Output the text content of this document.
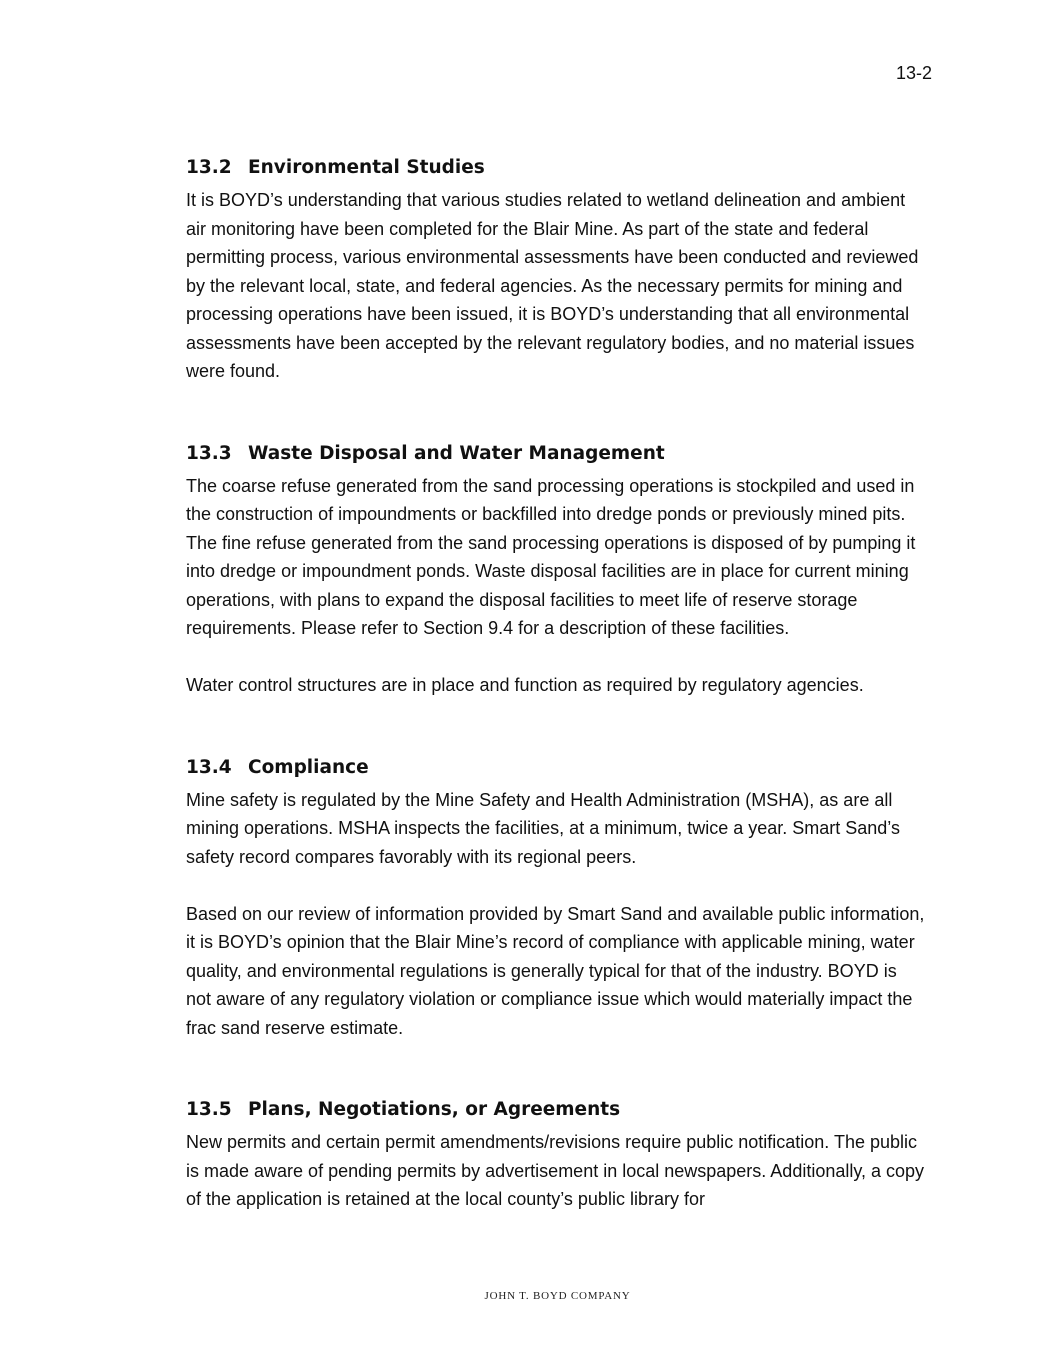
13-2
13.2 Environmental Studies

It is BOYD’s understanding that various studies related to wetland delineation and ambient air monitoring have been completed for the Blair Mine. As part of the state and federal permitting process, various environmental assessments have been conducted and reviewed by the relevant local, state, and federal agencies. As the necessary permits for mining and processing operations have been issued, it is BOYD’s understanding that all environmental assessments have been accepted by the relevant regulatory bodies, and no material issues were found.

13.3 Waste Disposal and Water Management

The coarse refuse generated from the sand processing operations is stockpiled and used in the construction of impoundments or backfilled into dredge ponds or previously mined pits. The fine refuse generated from the sand processing operations is disposed of by pumping it into dredge or impoundment ponds. Waste disposal facilities are in place for current mining operations, with plans to expand the disposal facilities to meet life of reserve storage requirements. Please refer to Section 9.4 for a description of these facilities.

Water control structures are in place and function as required by regulatory agencies.

13.4 Compliance

Mine safety is regulated by the Mine Safety and Health Administration (MSHA), as are all mining operations. MSHA inspects the facilities, at a minimum, twice a year. Smart Sand’s safety record compares favorably with its regional peers.

Based on our review of information provided by Smart Sand and available public information, it is BOYD’s opinion that the Blair Mine’s record of compliance with applicable mining, water quality, and environmental regulations is generally typical for that of the industry. BOYD is not aware of any regulatory violation or compliance issue which would materially impact the frac sand reserve estimate.

13.5 Plans, Negotiations, or Agreements

New permits and certain permit amendments/revisions require public notification. The public is made aware of pending permits by advertisement in local newspapers. Additionally, a copy of the application is retained at the local county’s public library for

JOHN T. BOYD COMPANY
